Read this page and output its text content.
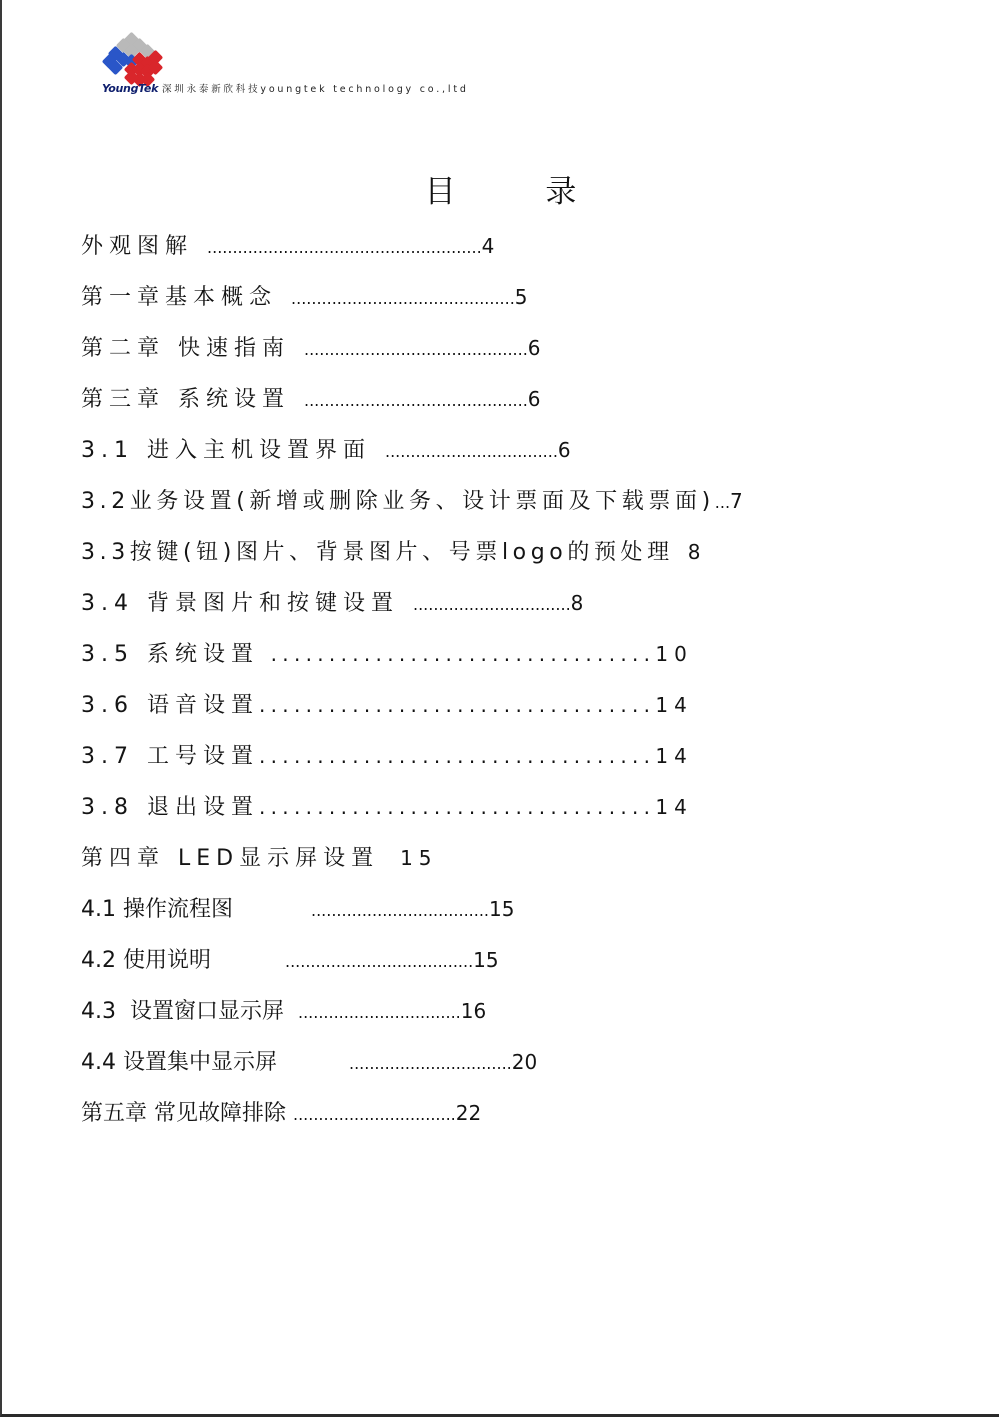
YoungTek 深圳永泰新欣科技youngtek technology co.,ltd
目 录
外观图解 ......................................................4
第一章基本概念 ............................................5
第二章 快速指南 ............................................6
第三章 系统设置 ............................................6
3.1 进入主机设置界面 ..................................6
3.2业务设置(新增或删除业务、设计票面及下载票面)...7
3.3按键(钮)图片、背景图片、号票logo的预处理 8
3.4 背景图片和按键设置 ...............................8
3.5 系统设置 .................................10
3.6 语音设置..................................14
3.7 工号设置..................................14
3.8 退出设置..................................14
第四章 LED显示屏设置 15
4.1 操作流程图	...................................15
4.2 使用说明	.....................................15
4.3  设置窗口显示屏 ................................16
4.4 设置集中显示屏	................................20
第五章 常见故障排除 ................................22
